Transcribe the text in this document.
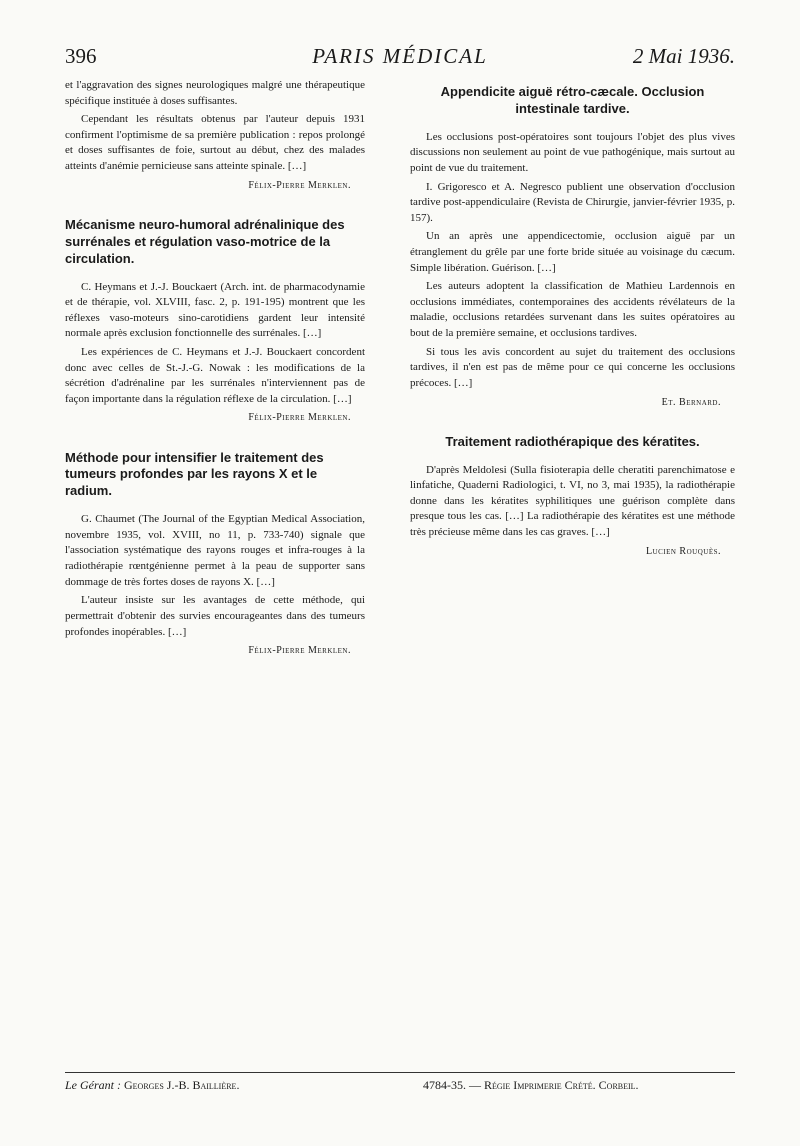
396	PARIS MÉDICAL	2 Mai 1936.

et l'aggravation des signes neurologiques malgré une thérapeutique spécifique instituée à doses suffisantes.

Cependant les résultats obtenus par l'auteur depuis 1931 confirment l'optimisme de sa première publication : repos prolongé et doses suffisantes de foie, surtout au début, chez des malades atteints d'anémie pernicieuse sans atteinte spinale. […]

Félix-Pierre Merklen.
Mécanisme neuro-humoral adrénalinique des surrénales et régulation vaso-motrice de la circulation.

C. Heymans et J.-J. Bouckaert (Arch. int. de pharmacodynamie et de thérapie, vol. XLVIII, fasc. 2, p. 191-195) montrent que les réflexes vaso-moteurs sino-carotidiens gardent leur intensité normale après exclusion fonctionnelle des surrénales. […]

Les expériences de C. Heymans et J.-J. Bouckaert concordent donc avec celles de St.-J.-G. Nowak : les modifications de la sécrétion d'adrénaline par les surrénales n'interviennent pas de façon importante dans la régulation réflexe de la circulation. […]

Félix-Pierre Merklen.
Méthode pour intensifier le traitement des tumeurs profondes par les rayons X et le radium.

G. Chaumet (The Journal of the Egyptian Medical Association, novembre 1935, vol. XVIII, no 11, p. 733-740) signale que l'association systématique des rayons rouges et infra-rouges à la radiothérapie rœntgénienne permet à la peau de supporter sans dommage de très fortes doses de rayons X. […]

L'auteur insiste sur les avantages de cette méthode, qui permettrait d'obtenir des survies encourageantes dans des tumeurs profondes inopérables. […]

Félix-Pierre Merklen.
Appendicite aiguë rétro-cæcale. Occlusion intestinale tardive.

Les occlusions post-opératoires sont toujours l'objet des plus vives discussions non seulement au point de vue pathogénique, mais surtout au point de vue du traitement.

I. Grigoresco et A. Negresco publient une observation d'occlusion tardive post-appendiculaire (Revista de Chirurgie, janvier-février 1935, p. 157).

Un an après une appendicectomie, occlusion aiguë par un étranglement du grêle par une forte bride située au voisinage du cæcum. Simple libération. Guérison. […]

Les auteurs adoptent la classification de Mathieu Lardennois en occlusions immédiates, contemporaines des accidents révélateurs de la maladie, occlusions retardées survenant dans les suites opératoires au bout de la première semaine, et occlusions tardives.

Si tous les avis concordent au sujet du traitement des occlusions tardives, il n'en est pas de même pour ce qui concerne les occlusions précoces. […]

Et. Bernard.
Traitement radiothérapique des kératites.

D'après Meldolesi (Sulla fisioterapia delle cheratiti parenchimatose e linfatiche, Quaderni Radiologici, t. VI, no 3, mai 1935), la radiothérapie donne dans les kératites syphilitiques une guérison complète dans presque tous les cas. […] La radiothérapie des kératites est une méthode très précieuse même dans les cas graves. […]

Lucien Rouquès.
Le Gérant : Georges J.-B. Baillière.	4784-35. — Régie Imprimerie Crété. Corbeil.
